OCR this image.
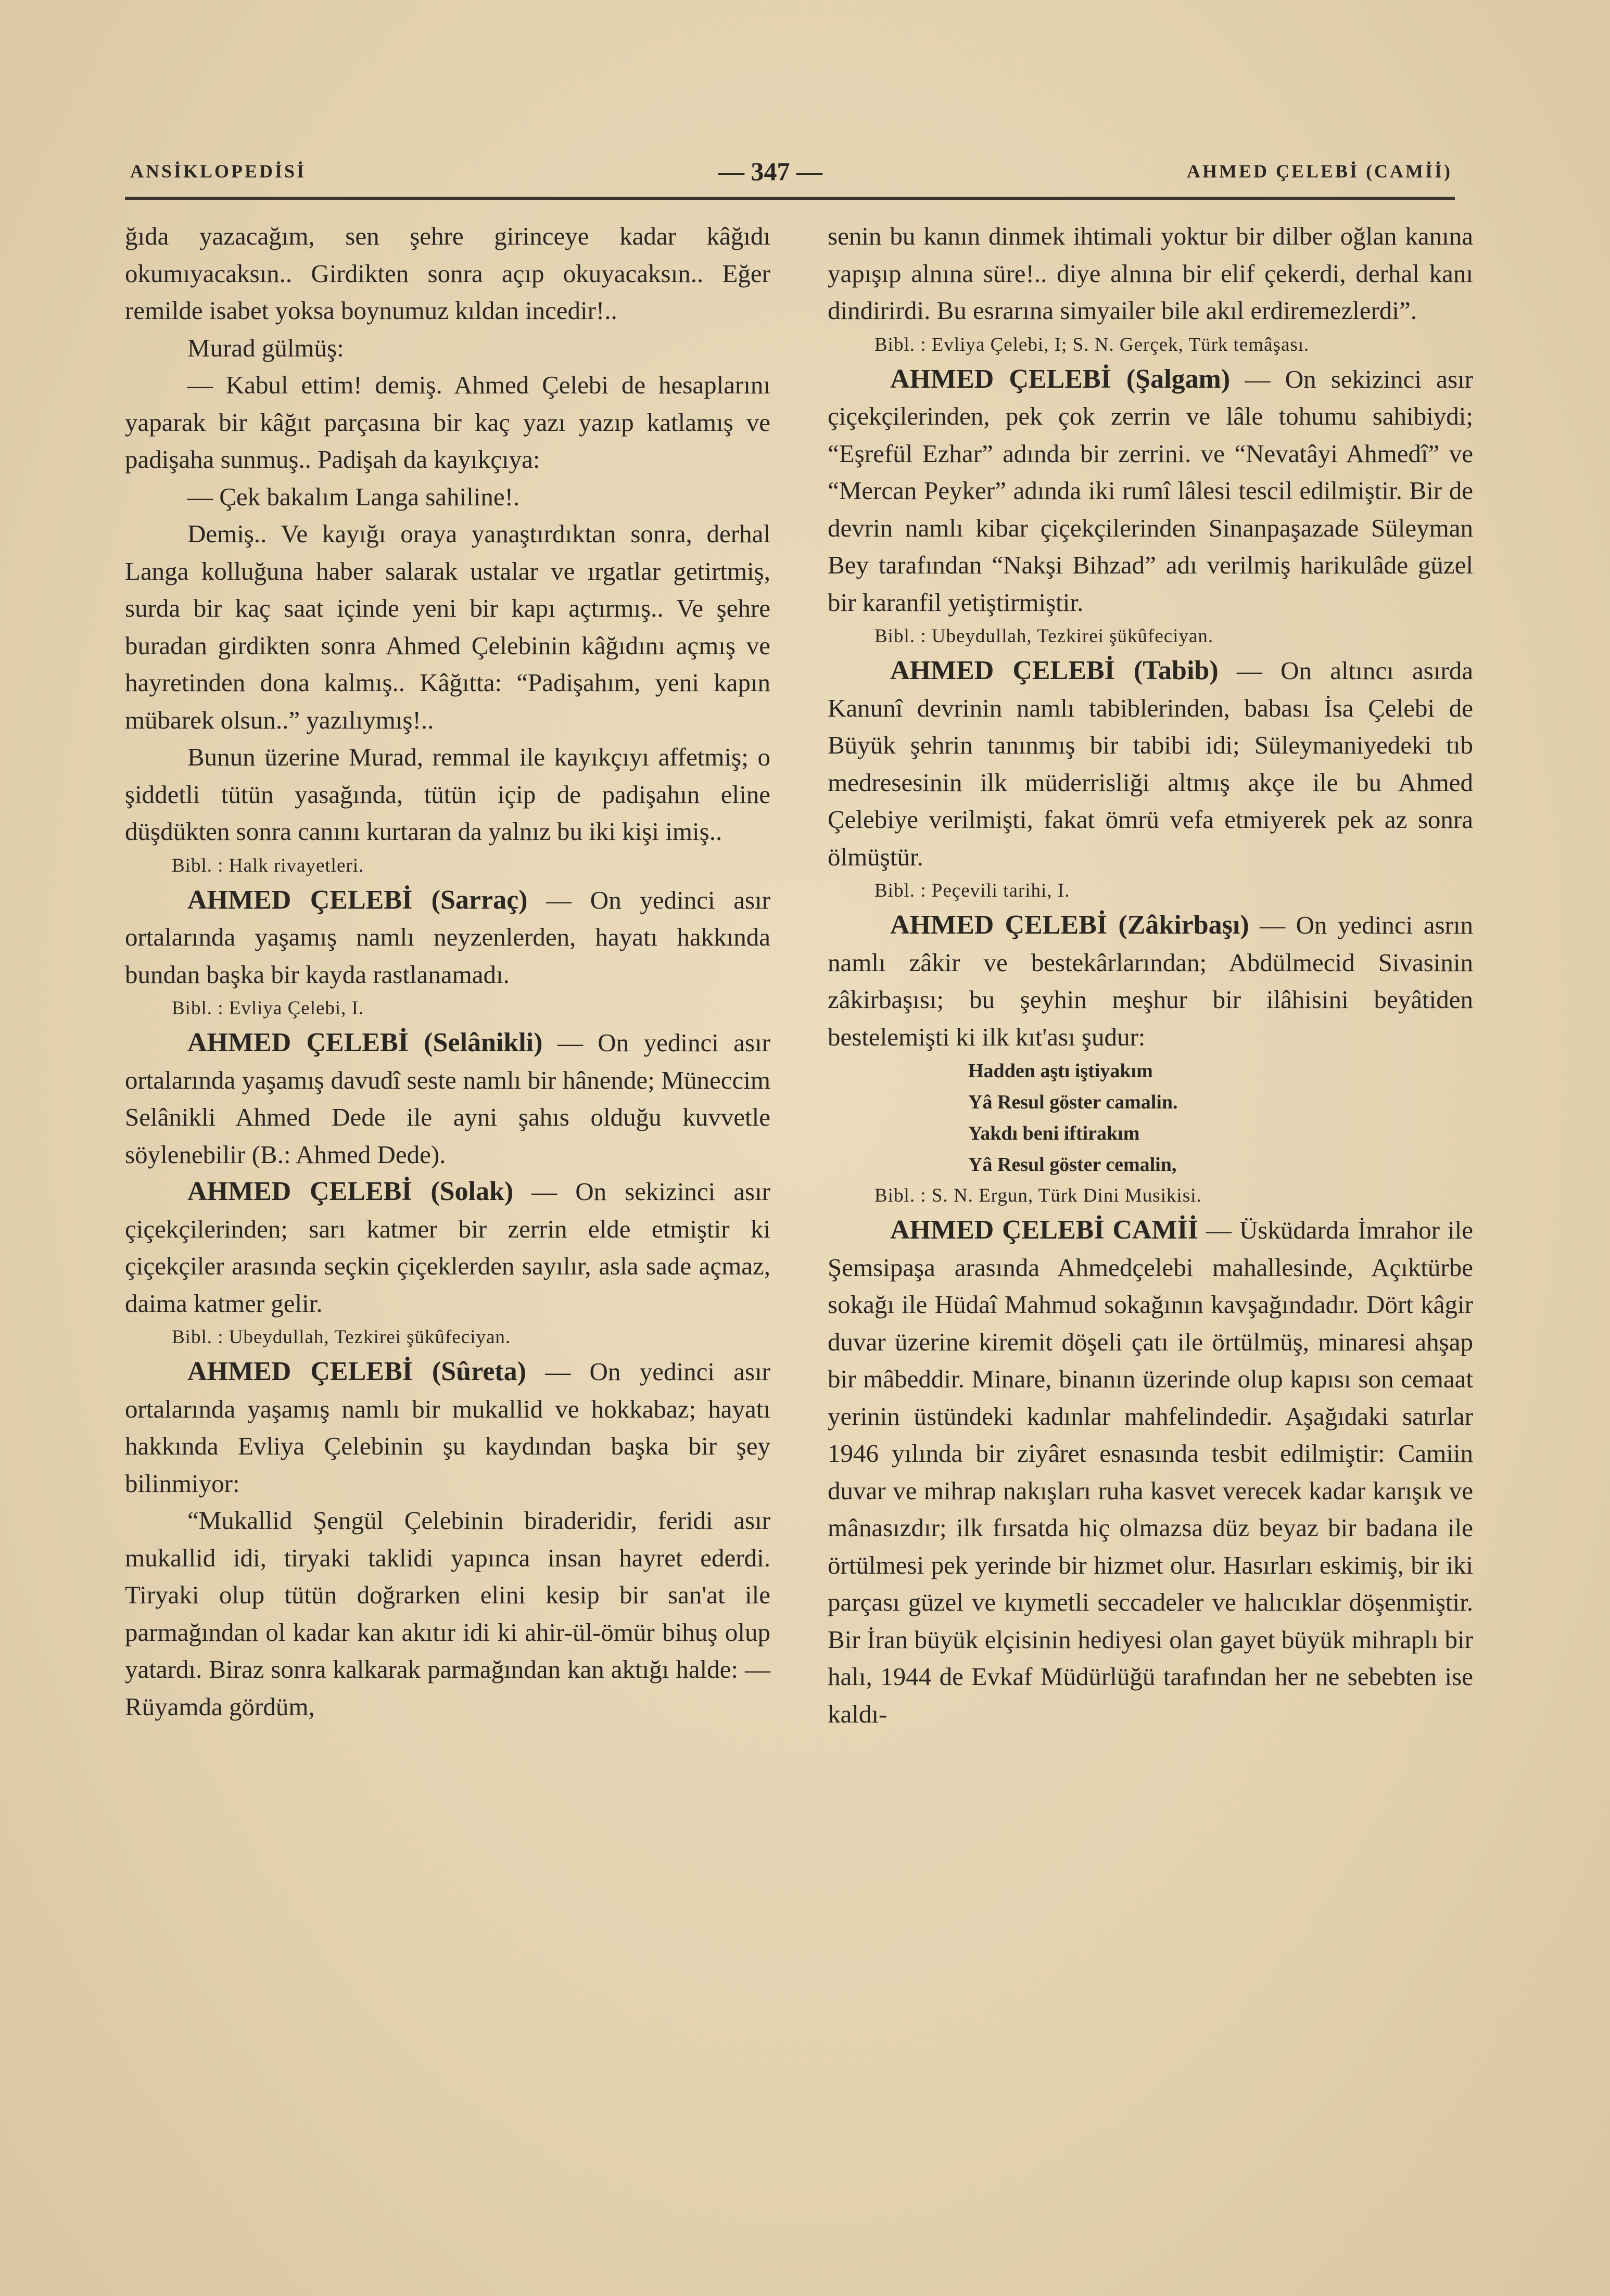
ANSİKLOPEDİSİ	— 347 —	AHMED ÇELEBİ (CAMİİ)

ğıda yazacağım, sen şehre girinceye kadar kâğıdı okumıyacaksın.. Girdikten sonra açıp okuyacaksın.. Eğer remilde isabet yoksa boynumuz kıldan incedir!..

Murad gülmüş:

— Kabul ettim! demiş. Ahmed Çelebi de hesaplarını yaparak bir kâğıt parçasına bir kaç yazı yazıp katlamış ve padişaha sunmuş.. Padişah da kayıkçıya:

— Çek bakalım Langa sahiline!.

Demiş.. Ve kayığı oraya yanaştırdıktan sonra, derhal Langa kolluğuna haber salarak ustalar ve ırgatlar getirtmiş, surda bir kaç saat içinde yeni bir kapı açtırmış.. Ve şehre buradan girdikten sonra Ahmed Çelebinin kâğıdını açmış ve hayretinden dona kalmış.. Kâğıtta: “Padişahım, yeni kapın mübarek olsun..” yazılıymış!..

Bunun üzerine Murad, remmal ile kayıkçıyı affetmiş; o şiddetli tütün yasağında, tütün içip de padişahın eline düşdükten sonra canını kurtaran da yalnız bu iki kişi imiş..

Bibl. : Halk rivayetleri.

AHMED ÇELEBİ (Sarraç) — On yedinci asır ortalarında yaşamış namlı neyzenlerden, hayatı hakkında bundan başka bir kayda rastlanamadı.

Bibl. : Evliya Çelebi, I.

AHMED ÇELEBİ (Selânikli) — On yedinci asır ortalarında yaşamış davudî seste namlı bir hânende; Müneccim Selânikli Ahmed Dede ile ayni şahıs olduğu kuvvetle söylenebilir (B.: Ahmed Dede).

AHMED ÇELEBİ (Solak) — On sekizinci asır çiçekçilerinden; sarı katmer bir zerrin elde etmiştir ki çiçekçiler arasında seçkin çiçeklerden sayılır, asla sade açmaz, daima katmer gelir.

Bibl. : Ubeydullah, Tezkirei şükûfeciyan.

AHMED ÇELEBİ (Sûreta) — On yedinci asır ortalarında yaşamış namlı bir mukallid ve hokkabaz; hayatı hakkında Evliya Çelebinin şu kaydından başka bir şey bilinmiyor:

“Mukallid Şengül Çelebinin biraderidir, feridi asır mukallid idi, tiryaki taklidi yapınca insan hayret ederdi. Tiryaki olup tütün doğrarken elini kesip bir san'at ile parmağından ol kadar kan akıtır idi ki ahir-ül-ömür bihuş olup yatardı. Biraz sonra kalkarak parmağından kan aktığı halde: — Rüyamda gördüm,

senin bu kanın dinmek ihtimali yoktur bir dilber oğlan kanına yapışıp alnına süre!.. diye alnına bir elif çekerdi, derhal kanı dindirirdi. Bu esrarına simyailer bile akıl erdiremezlerdi”.

Bibl. : Evliya Çelebi, I; S. N. Gerçek, Türk temâşası.

AHMED ÇELEBİ (Şalgam) — On sekizinci asır çiçekçilerinden, pek çok zerrin ve lâle tohumu sahibiydi; “Eşrefül Ezhar” adında bir zerrini. ve “Nevatâyi Ahmedî” ve “Mercan Peyker” adında iki rumî lâlesi tescil edilmiştir. Bir de devrin namlı kibar çiçekçilerinden Sinanpaşazade Süleyman Bey tarafından “Nakşi Bihzad” adı verilmiş harikulâde güzel bir karanfil yetiştirmiştir.

Bibl. : Ubeydullah, Tezkirei şükûfeciyan.

AHMED ÇELEBİ (Tabib) — On altıncı asırda Kanunî devrinin namlı tabiblerinden, babası İsa Çelebi de Büyük şehrin tanınmış bir tabibi idi; Süleymaniyedeki tıb medresesinin ilk müderrisliği altmış akçe ile bu Ahmed Çelebiye verilmişti, fakat ömrü vefa etmiyerek pek az sonra ölmüştür.

Bibl. : Peçevili tarihi, I.

AHMED ÇELEBİ (Zâkirbaşı) — On yedinci asrın namlı zâkir ve bestekârlarından; Abdülmecid Sivasinin zâkirbaşısı; bu şeyhin meşhur bir ilâhisini beyâtiden bestelemişti ki ilk kıt'ası şudur:

Hadden aştı iştiyakım
Yâ Resul göster camalin.
Yakdı beni iftirakım
Yâ Resul göster cemalin,

Bibl. : S. N. Ergun, Türk Dini Musikisi.

AHMED ÇELEBİ CAMİİ — Üsküdarda İmrahor ile Şemsipaşa arasında Ahmedçelebi mahallesinde, Açıktürbe sokağı ile Hüdaî Mahmud sokağının kavşağındadır. Dört kâgir duvar üzerine kiremit döşeli çatı ile örtülmüş, minaresi ahşap bir mâbeddir. Minare, binanın üzerinde olup kapısı son cemaat yerinin üstündeki kadınlar mahfelindedir. Aşağıdaki satırlar 1946 yılında bir ziyâret esnasında tesbit edilmiştir: Camiin duvar ve mihrap nakışları ruha kasvet verecek kadar karışık ve mânasızdır; ilk fırsatda hiç olmazsa düz beyaz bir badana ile örtülmesi pek yerinde bir hizmet olur. Hasırları eskimiş, bir iki parçası güzel ve kıymetli seccadeler ve halıcıklar döşenmiştir. Bir İran büyük elçisinin hediyesi olan gayet büyük mihraplı bir halı, 1944 de Evkaf Müdürlüğü tarafından her ne sebebten ise kaldı-
